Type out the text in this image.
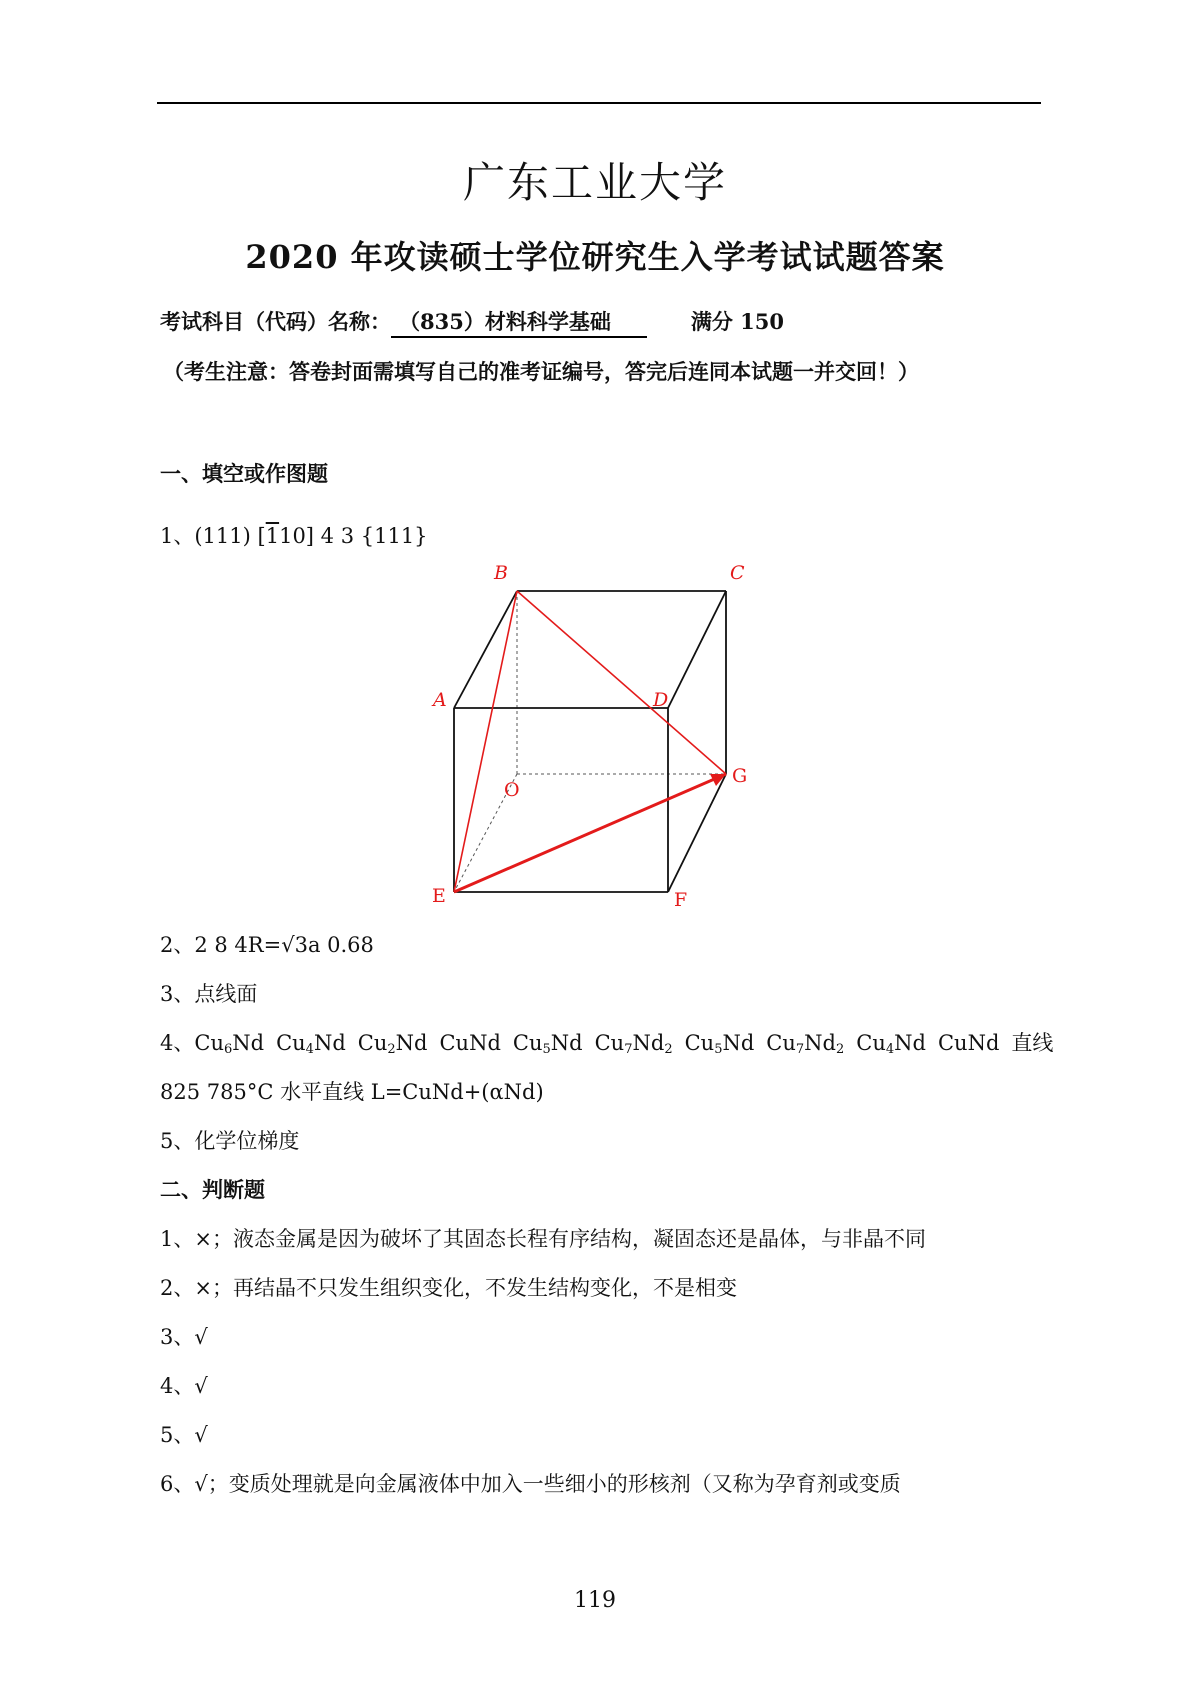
广东工业大学
2020 年攻读硕士学位研究生入学考试试题答案
考试科目（代码）名称： （835）材料科学基础	满分 150
（考生注意：答卷封面需填写自己的准考证编号，答完后连同本试题一并交回！）
一、填空或作图题
1、(111) [110] 4 3 {111}
B	C
A	D
O
G
E	F
2、2 8 4R=√3a 0.68
3、点线面
4、$Cu_6Nd$ $Cu_4Nd$ $Cu_2Nd$ CuNd $Cu_5Nd$ $Cu_7Nd_2$ $Cu_5Nd$ $Cu_7Nd_2$ $Cu_4Nd$ CuNd 直线
825 785°C 水平直线 L=CuNd+(αNd)
5、化学位梯度
二、判断题
1、×；液态金属是因为破坏了其固态长程有序结构，凝固态还是晶体，与非晶不同
2、×；再结晶不只发生组织变化，不发生结构变化，不是相变
3、√
4、√
5、√
6、√；变质处理就是向金属液体中加入一些细小的形核剂（又称为孕育剂或变质
119
